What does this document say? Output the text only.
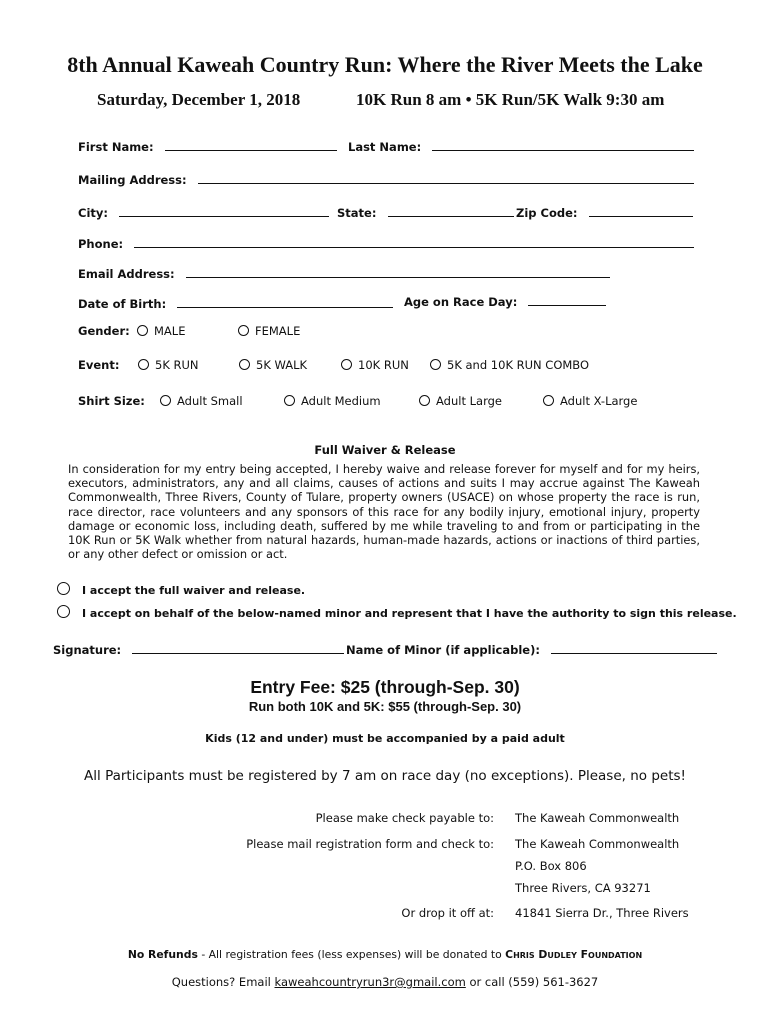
8th Annual Kaweah Country Run: Where the River Meets the Lake
Saturday, December 1, 2018	10K Run 8 am • 5K Run/5K Walk 9:30 am
First Name:	Last Name:
Mailing Address:
City:	State:	Zip Code:
Phone:
Email Address:
Date of Birth:	Age on Race Day:
Gender:	MALE	FEMALE
Event:	5K RUN	5K WALK	10K RUN	5K and 10K RUN COMBO
Shirt Size:	Adult Small	Adult Medium	Adult Large	Adult X-Large
Full Waiver & Release
In consideration for my entry being accepted, I hereby waive and release forever for myself and for my heirs, executors, administrators, any and all claims, causes of actions and suits I may accrue against The Kaweah Commonwealth, Three Rivers, County of Tulare, property owners (USACE) on whose property the race is run, race director, race volunteers and any sponsors of this race for any bodily injury, emotional injury, property damage or economic loss, including death, suffered by me while traveling to and from or participating in the 10K Run or 5K Walk whether from natural hazards, human-made hazards, actions or inactions of third parties, or any other defect or omission or act.
I accept the full waiver and release.
I accept on behalf of the below-named minor and represent that I have the authority to sign this release.
Signature:	Name of Minor (if applicable):
Entry Fee: $25 (through-Sep. 30)
Run both 10K and 5K: $55 (through-Sep. 30)
Kids (12 and under) must be accompanied by a paid adult
All Participants must be registered by 7 am on race day (no exceptions). Please, no pets!
Please make check payable to: The Kaweah Commonwealth
Please mail registration form and check to: The Kaweah Commonwealth
P.O. Box 806
Three Rivers, CA 93271
Or drop it off at: 41841 Sierra Dr., Three Rivers
No Refunds - All registration fees (less expenses) will be donated to Chris Dudley Foundation
Questions? Email kaweahcountryrun3r@gmail.com or call (559) 561-3627
